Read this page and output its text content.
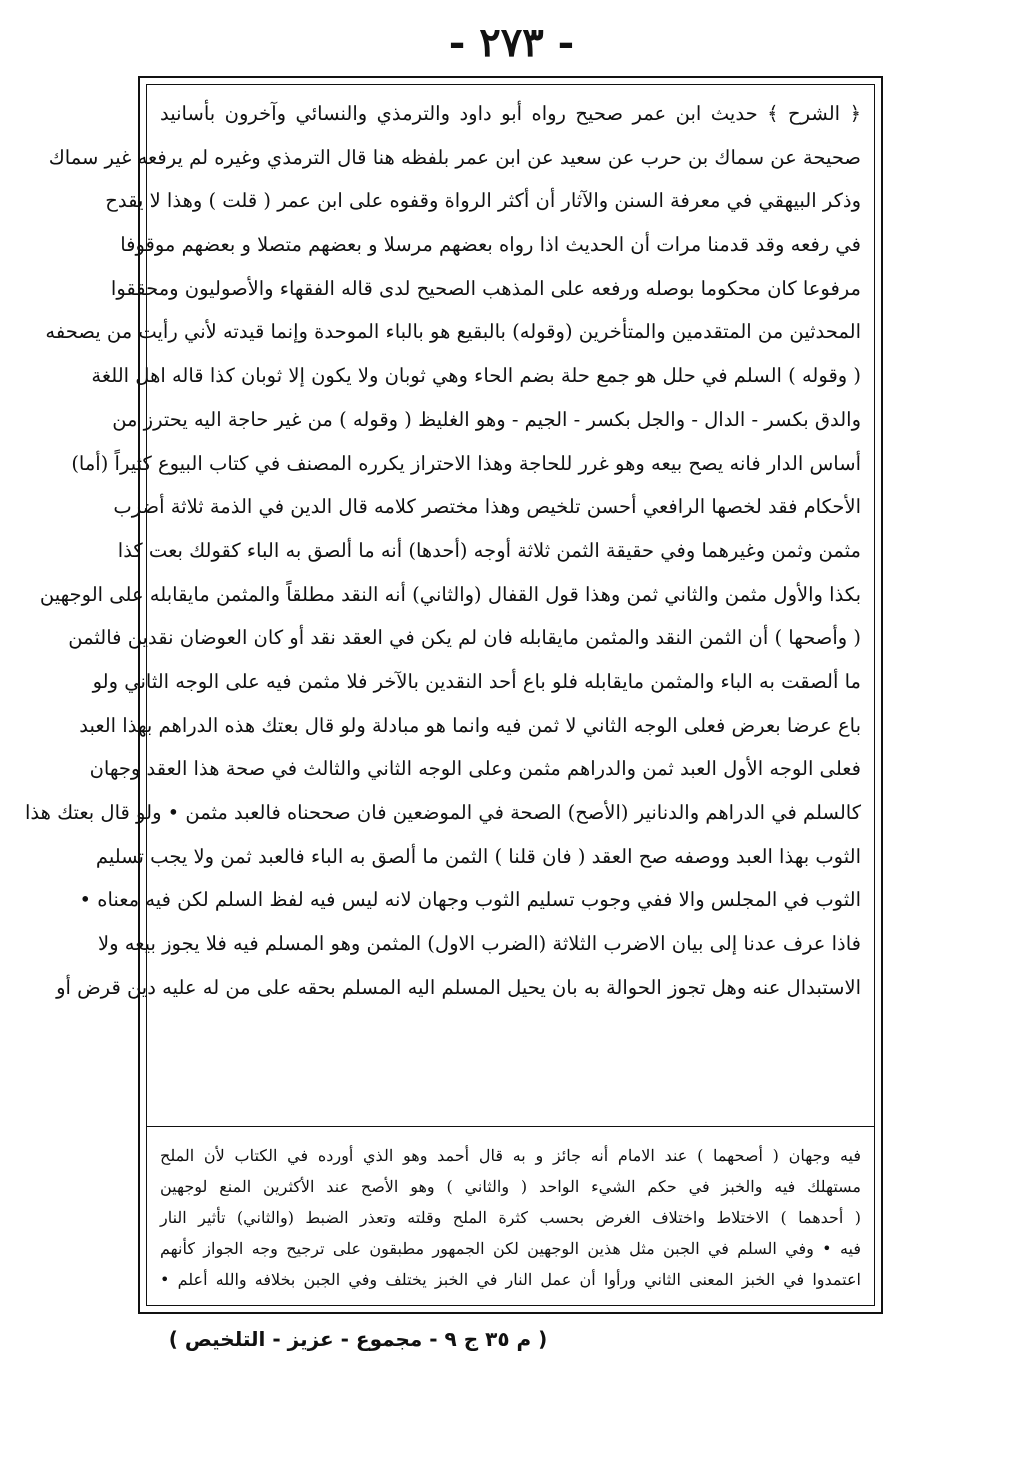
- ٢٧٣ -
﴿ الشرح ﴾ حديث ابن عمر صحيح رواه أبو داود والترمذي والنسائي وآخرون بأسانيد
صحيحة عن سماك بن حرب عن سعيد عن ابن عمر بلفظه هنا قال الترمذي وغيره لم يرفعه غير سماك
وذكر البيهقي في معرفة السنن والآثار أن أكثر الرواة وقفوه على ابن عمر ( قلت ) وهذا لا يقدح
في رفعه وقد قدمنا مرات أن الحديث اذا رواه بعضهم مرسلا و بعضهم متصلا و بعضهم موقوفا
مرفوعا كان محكوما بوصله ورفعه على المذهب الصحيح لدى قاله الفقهاء والأصوليون ومحققوا
المحدثين من المتقدمين والمتأخرين (وقوله) بالبقيع هو بالباء الموحدة وإنما قيدته لأني رأيت من يصحفه
( وقوله ) السلم في حلل هو جمع حلة بضم الحاء وهي ثوبان ولا يكون إلا ثوبان كذا قاله اهل اللغة
والدق بكسر - الدال - والجل بكسر - الجيم - وهو الغليظ ( وقوله ) من غير حاجة اليه يحترز من
أساس الدار فانه يصح بيعه وهو غرر للحاجة وهذا الاحتراز يكرره المصنف في كتاب البيوع كثيراً (أما)
الأحكام فقد لخصها الرافعي أحسن تلخيص وهذا مختصر كلامه قال الدين في الذمة ثلاثة أضرب
مثمن وثمن وغيرهما وفي حقيقة الثمن ثلاثة أوجه (أحدها) أنه ما ألصق به الباء كقولك بعت كذا
بكذا والأول مثمن والثاني ثمن وهذا قول القفال (والثاني) أنه النقد مطلقاً والمثمن مايقابله على الوجهين
( وأصحها ) أن الثمن النقد والمثمن مايقابله فان لم يكن في العقد نقد أو كان العوضان نقدين فالثمن
ما ألصقت به الباء والمثمن مايقابله فلو باع أحد النقدين بالآخر فلا مثمن فيه على الوجه الثاني ولو
باع عرضا بعرض فعلى الوجه الثاني لا ثمن فيه وانما هو مبادلة ولو قال بعتك هذه الدراهم بهذا العبد
فعلى الوجه الأول العبد ثمن والدراهم مثمن وعلى الوجه الثاني والثالث في صحة هذا العقد وجهان
كالسلم في الدراهم والدنانير (الأصح) الصحة في الموضعين فان صححناه فالعبد مثمن • ولو قال بعتك هذا
الثوب بهذا العبد ووصفه صح العقد ( فان قلنا ) الثمن ما ألصق به الباء فالعبد ثمن ولا يجب تسليم
الثوب في المجلس والا ففي وجوب تسليم الثوب وجهان لانه ليس فيه لفظ السلم لكن فيه معناه •
فاذا عرف عدنا إلى بيان الاضرب الثلاثة (الضرب الاول) المثمن وهو المسلم فيه فلا يجوز بيعه ولا
الاستبدال عنه وهل تجوز الحوالة به بان يحيل المسلم اليه المسلم بحقه على من له عليه دين قرض أو
فيه وجهان ( أصحهما ) عند الامام أنه جائز و به قال أحمد وهو الذي أورده في الكتاب لأن الملح
مستهلك فيه والخبز في حكم الشيء الواحد ( والثاني ) وهو الأصح عند الأكثرين المنع لوجهين
( أحدهما ) الاختلاط واختلاف الغرض بحسب كثرة الملح وقلته وتعذر الضبط (والثاني) تأثير النار
فيه • وفي السلم في الجبن مثل هذين الوجهين لكن الجمهور مطبقون على ترجيح وجه الجواز كأنهم
اعتمدوا في الخبز المعنى الثاني ورأوا أن عمل النار في الخبز يختلف وفي الجبن بخلافه والله أعلم •
( م ٣٥ ج ٩ - مجموع - عزيز - التلخيص )
